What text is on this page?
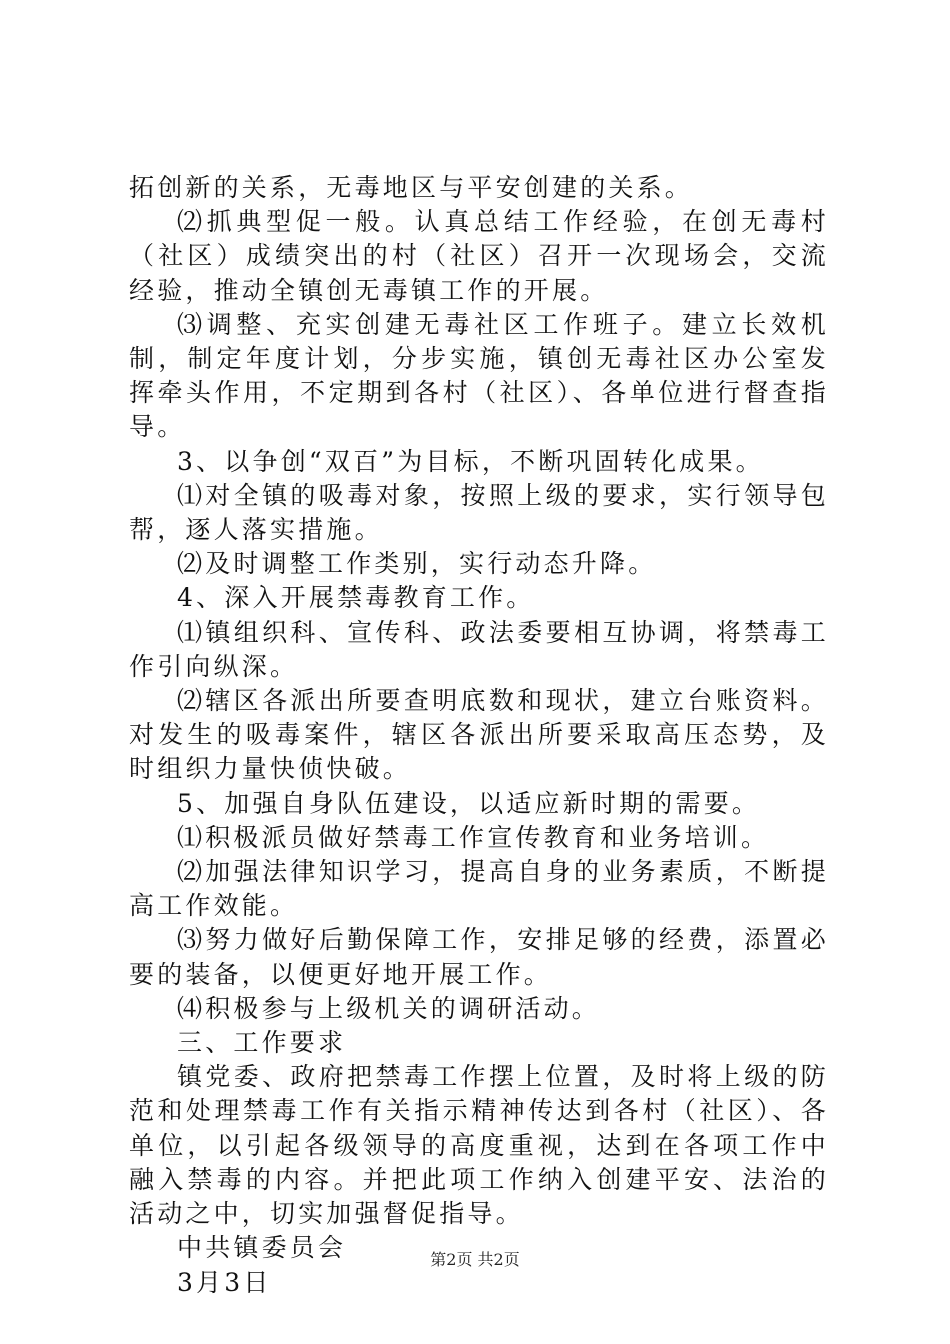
拓创新的关系，无毒地区与平安创建的关系。

⑵抓典型促一般。认真总结工作经验，在创无毒村（社区）成绩突出的村（社区）召开一次现场会，交流经验，推动全镇创无毒镇工作的开展。

⑶调整、充实创建无毒社区工作班子。建立长效机制，制定年度计划，分步实施，镇创无毒社区办公室发挥牵头作用，不定期到各村（社区）、各单位进行督查指导。

3、以争创“双百”为目标，不断巩固转化成果。

⑴对全镇的吸毒对象，按照上级的要求，实行领导包帮，逐人落实措施。

⑵及时调整工作类别，实行动态升降。

4、深入开展禁毒教育工作。

⑴镇组织科、宣传科、政法委要相互协调，将禁毒工作引向纵深。

⑵辖区各派出所要查明底数和现状，建立台账资料。对发生的吸毒案件，辖区各派出所要采取高压态势，及时组织力量快侦快破。

5、加强自身队伍建设，以适应新时期的需要。

⑴积极派员做好禁毒工作宣传教育和业务培训。

⑵加强法律知识学习，提高自身的业务素质，不断提高工作效能。

⑶努力做好后勤保障工作，安排足够的经费，添置必要的装备，以便更好地开展工作。

⑷积极参与上级机关的调研活动。

三、工作要求

镇党委、政府把禁毒工作摆上位置，及时将上级的防范和处理禁毒工作有关指示精神传达到各村（社区）、各单位，以引起各级领导的高度重视，达到在各项工作中融入禁毒的内容。并把此项工作纳入创建平安、法治的活动之中，切实加强督促指导。

中共镇委员会

3月3日

第2页 共2页
